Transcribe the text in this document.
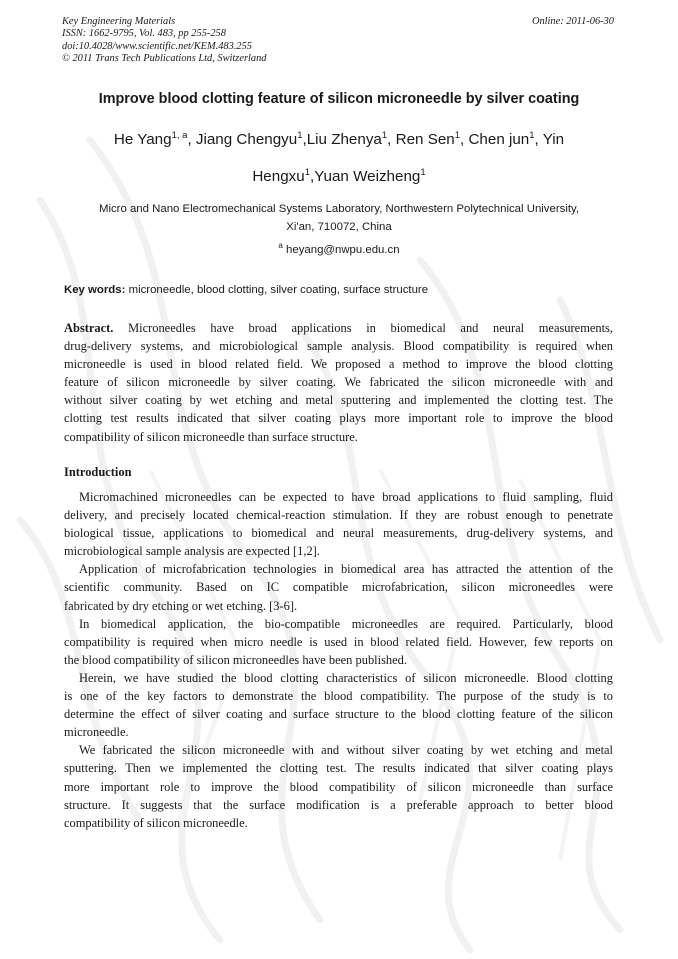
Key Engineering Materials
ISSN: 1662-9795, Vol. 483, pp 255-258
doi:10.4028/www.scientific.net/KEM.483.255
© 2011 Trans Tech Publications Ltd, Switzerland
Online: 2011-06-30
Improve blood clotting feature of silicon microneedle by silver coating
He Yang$^{1, a}$, Jiang Chengyu$^1$,Liu Zhenya$^1$, Ren Sen$^1$, Chen jun$^1$, Yin
Hengxu$^1$,Yuan Weizheng$^1$
Micro and Nano Electromechanical Systems Laboratory, Northwestern Polytechnical University,
Xi'an, 710072, China
$^a$ heyang@nwpu.edu.cn
Key words: microneedle, blood clotting, silver coating, surface structure
Abstract. Microneedles have broad applications in biomedical and neural measurements,
drug-delivery systems, and microbiological sample analysis. Blood compatibility is required when
microneedle is used in blood related field. We proposed a method to improve the blood clotting
feature of silicon microneedle by silver coating. We fabricated the silicon microneedle with and
without silver coating by wet etching and metal sputtering and implemented the clotting test. The
clotting test results indicated that silver coating plays more important role to improve the blood
compatibility of silicon microneedle than surface structure.
Introduction
Micromachined microneedles can be expected to have broad applications to fluid sampling, fluid
delivery, and precisely located chemical-reaction stimulation. If they are robust enough to penetrate
biological tissue, applications to biomedical and neural measurements, drug-delivery systems, and
microbiological sample analysis are expected [1,2].
Application of microfabrication technologies in biomedical area has attracted the attention of the
scientific community. Based on IC compatible microfabrication, silicon microneedles were
fabricated by dry etching or wet etching. [3-6].
In biomedical application, the bio-compatible microneedles are required. Particularly, blood
compatibility is required when micro needle is used in blood related field. However, few reports on
the blood compatibility of silicon microneedles have been published.
Herein, we have studied the blood clotting characteristics of silicon microneedle. Blood clotting
is one of the key factors to demonstrate the blood compatibility. The purpose of the study is to
determine the effect of silver coating and surface structure to the blood clotting feature of the silicon
microneedle.
We fabricated the silicon microneedle with and without silver coating by wet etching and metal
sputtering. Then we implemented the clotting test. The results indicated that silver coating plays
more important role to improve the blood compatibility of silicon microneedle than surface
structure. It suggests that the surface modification is a preferable approach to better blood
compatibility of silicon microneedle.
